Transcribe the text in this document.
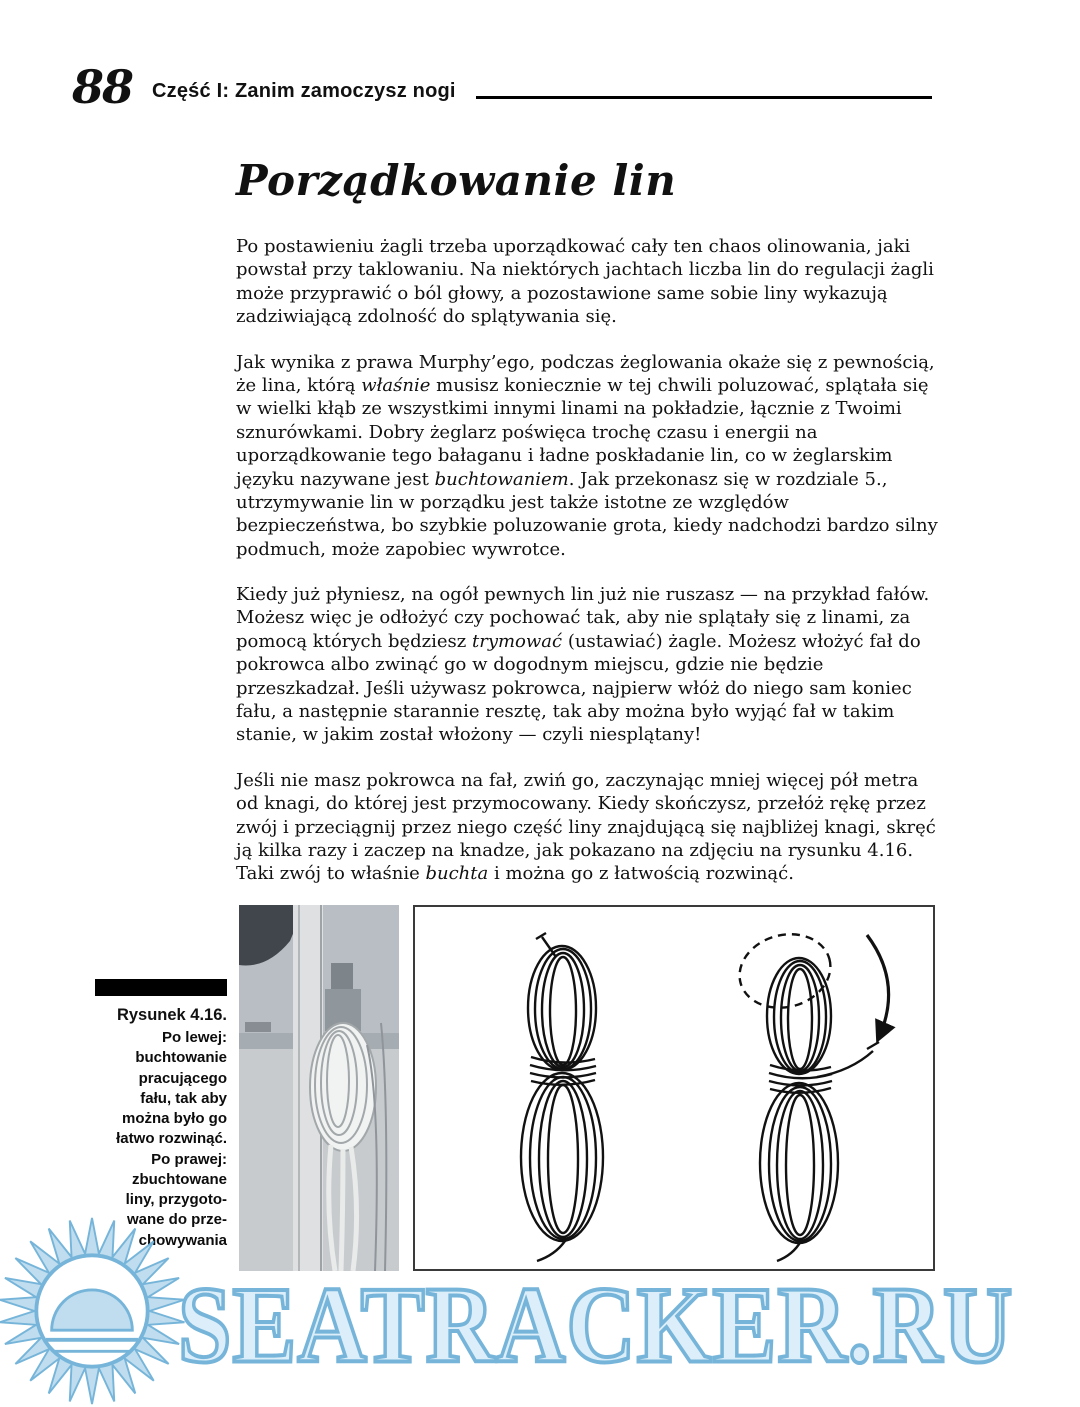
88 Część I: Zanim zamoczysz nogi
Porządkowanie lin

Po postawieniu żagli trzeba uporządkować cały ten chaos olinowania, jaki powstał przy taklowaniu. Na niektórych jachtach liczba lin do regulacji żagli może przyprawić o ból głowy, a pozostawione same sobie liny wykazują zadziwiającą zdolność do splątywania się.

Jak wynika z prawa Murphy’ego, podczas żeglowania okaże się z pewnością, że lina, którą właśnie musisz koniecznie w tej chwili poluzować, splątała się w wielki kłąb ze wszystkimi innymi linami na pokładzie, łącznie z Twoimi sznurówkami. Dobry żeglarz poświęca trochę czasu i energii na uporządkowanie tego bałaganu i ładne poskładanie lin, co w żeglarskim języku nazywane jest buchtowaniem. Jak przekonasz się w rozdziale 5., utrzymywanie lin w porządku jest także istotne ze względów bezpieczeństwa, bo szybkie poluzowanie grota, kiedy nadchodzi bardzo silny podmuch, może zapobiec wywrotce.

Kiedy już płyniesz, na ogół pewnych lin już nie ruszasz — na przykład fałów. Możesz więc je odłożyć czy pochować tak, aby nie splątały się z linami, za pomocą których będziesz trymować (ustawiać) żagle. Możesz włożyć fał do pokrowca albo zwinąć go w dogodnym miejscu, gdzie nie będzie przeszkadzał. Jeśli używasz pokrowca, najpierw włóż do niego sam koniec fału, a następnie starannie resztę, tak aby można było wyjąć fał w takim stanie, w jakim został włożony — czyli niesplątany!

Jeśli nie masz pokrowca na fał, zwiń go, zaczynając mniej więcej pół metra od knagi, do której jest przymocowany. Kiedy skończysz, przełóż rękę przez zwój i przeciągnij przez niego część liny znajdującą się najbliżej knagi, skręć ją kilka razy i zaczep na knadze, jak pokazano na zdjęciu na rysunku 4.16. Taki zwój to właśnie buchta i można go z łatwością rozwinąć.

Rysunek 4.16.
Po lewej:
buchtowanie
pracującego
fału, tak aby
można było go
łatwo rozwinąć.
Po prawej:
zbuchtowane
liny, przygoto-
wane do prze-
chowywania
SEATRACKER.RU
